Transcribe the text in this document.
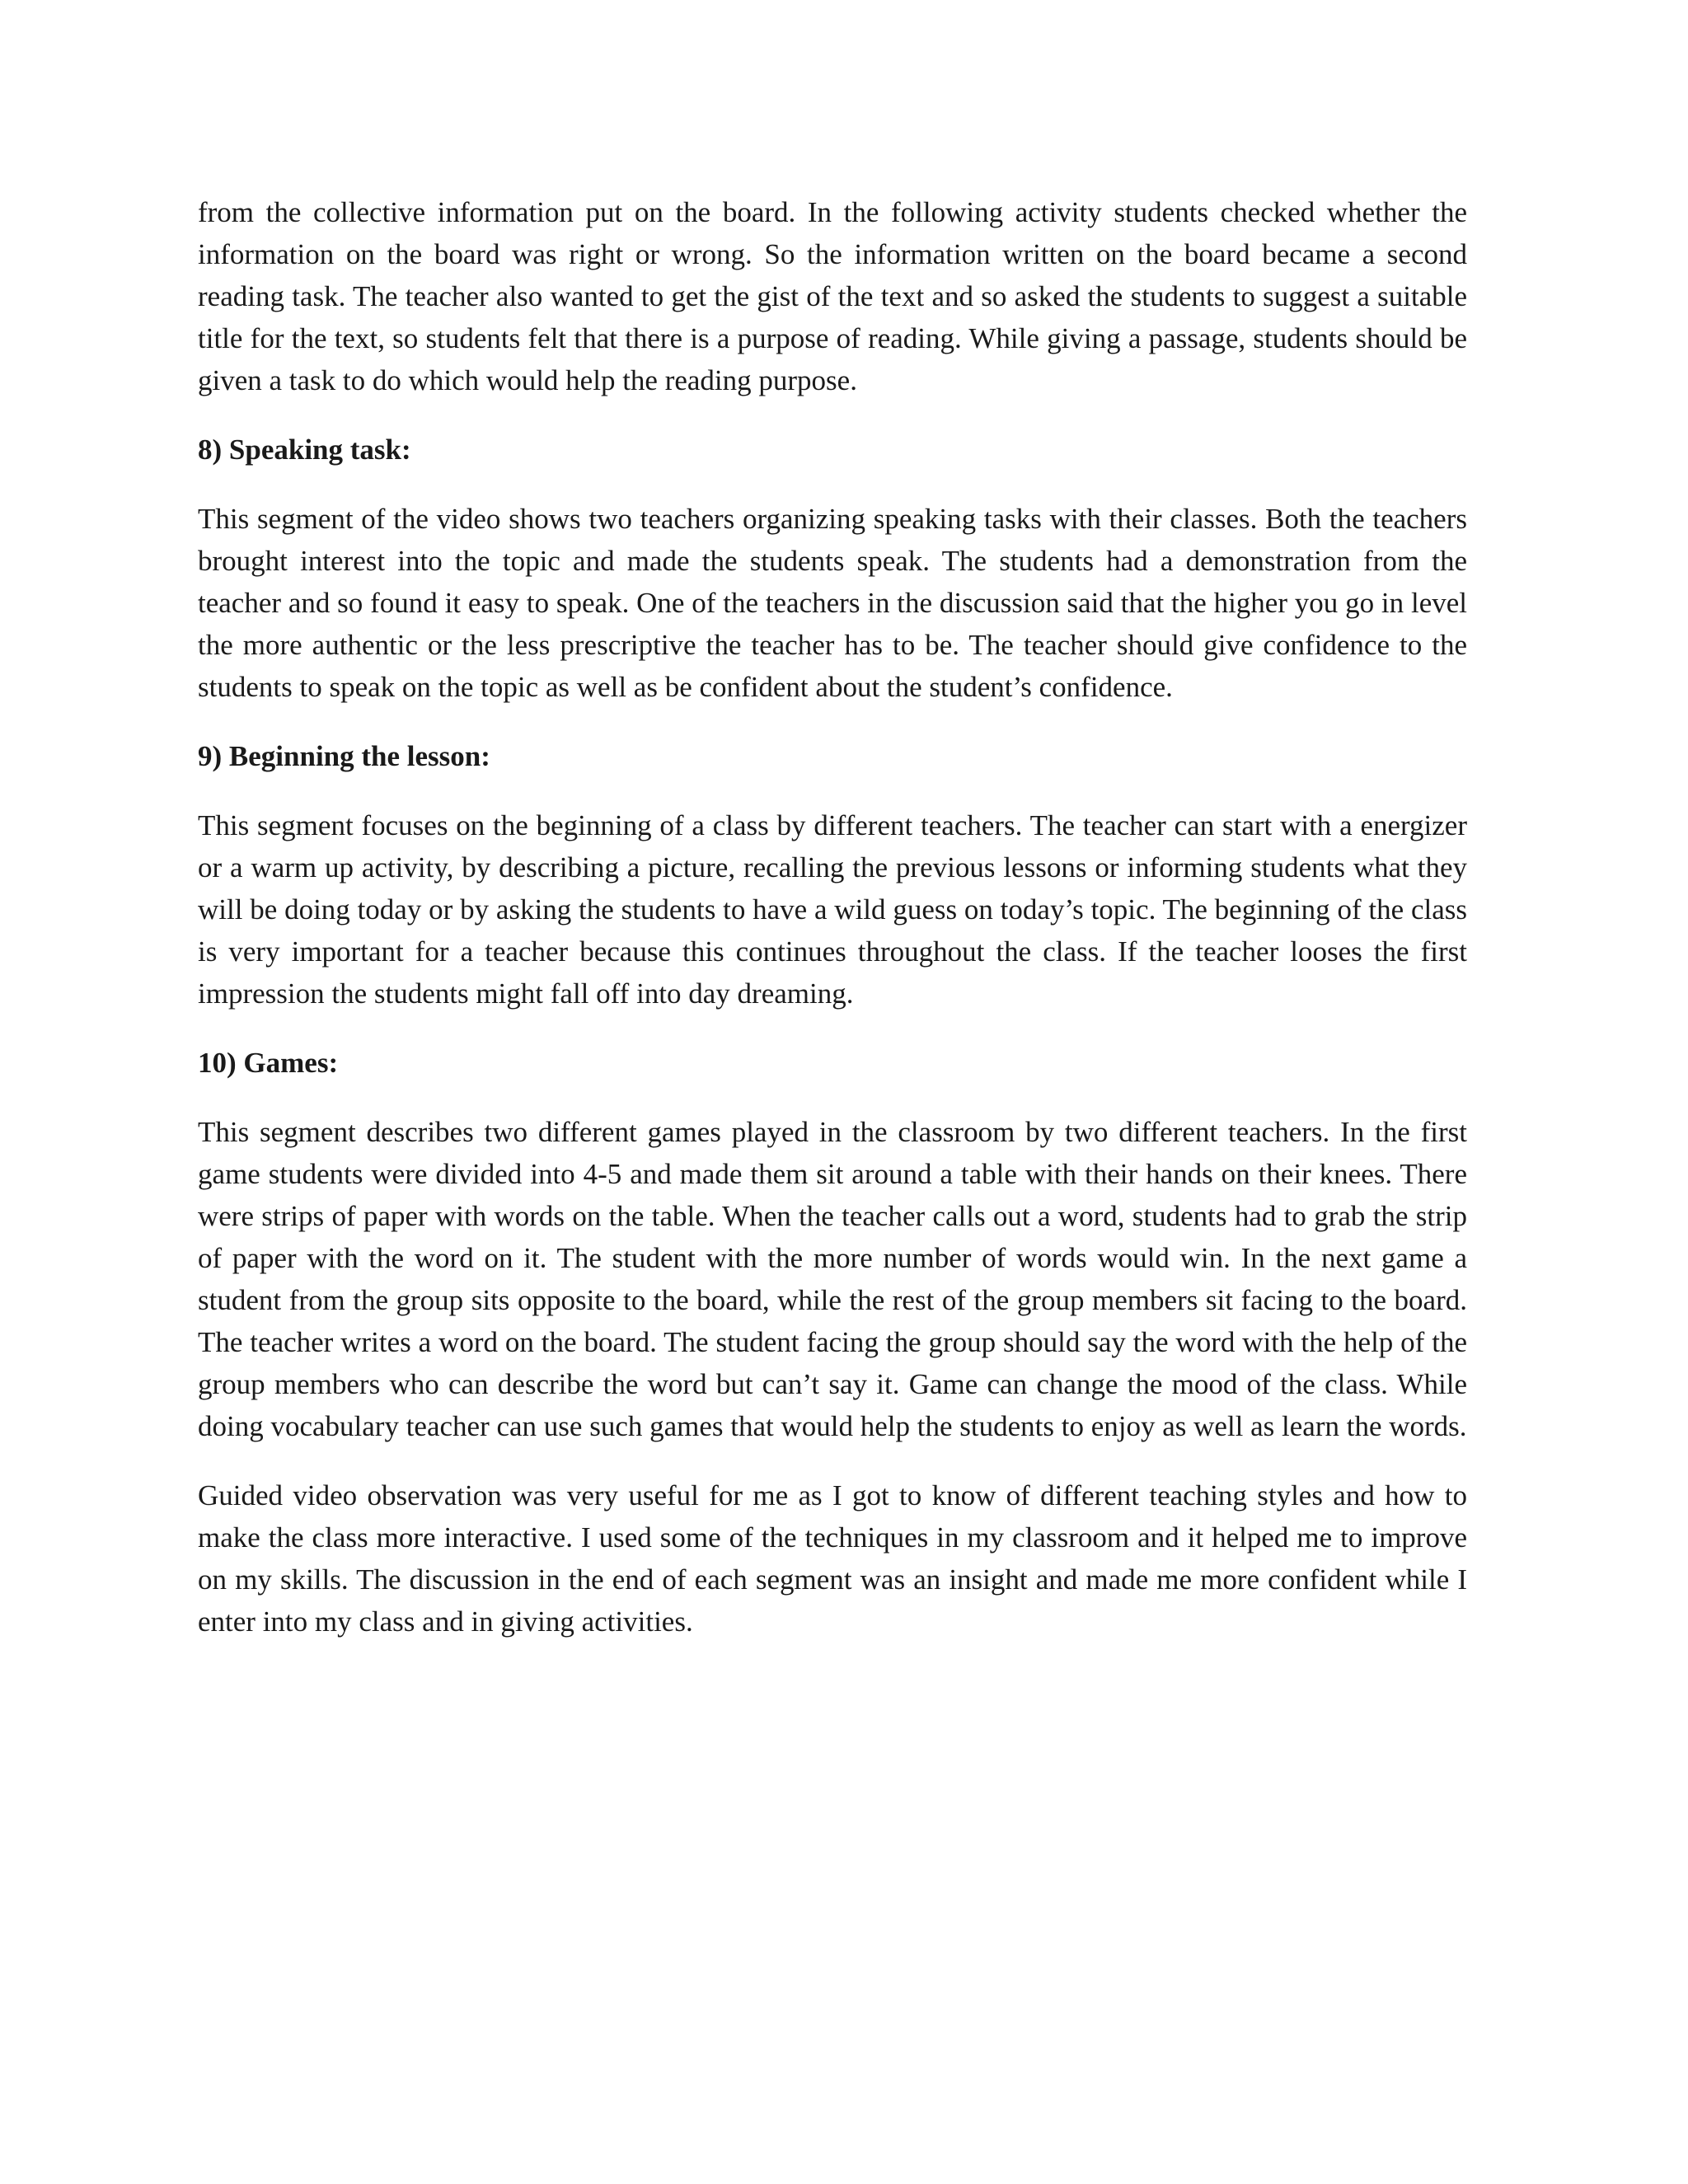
from the collective information put on the board. In the following activity students checked whether the information on the board was right or wrong. So the information written on the board became a second reading task. The teacher also wanted to get the gist of the text and so asked the students to suggest a suitable title for the text, so students felt that there is a purpose of reading. While giving a passage, students should be given a task to do which would help the reading purpose.

8) Speaking task:

This segment of the video shows two teachers organizing speaking tasks with their classes. Both the teachers brought interest into the topic and made the students speak. The students had a demonstration from the teacher and so found it easy to speak. One of the teachers in the discussion said that the higher you go in level the more authentic or the less prescriptive the teacher has to be. The teacher should give confidence to the students to speak on the topic as well as be confident about the student’s confidence.

9) Beginning the lesson:

This segment focuses on the beginning of a class by different teachers. The teacher can start with a energizer or a warm up activity, by describing a picture, recalling the previous lessons or informing students what they will be doing today or by asking the students to have a wild guess on today’s topic. The beginning of the class is very important for a teacher because this continues throughout the class. If the teacher looses the first impression the students might fall off into day dreaming.

10) Games:

This segment describes two different games played in the classroom by two different teachers. In the first game students were divided into 4-5 and made them sit around a table with their hands on their knees. There were strips of paper with words on the table. When the teacher calls out a word, students had to grab the strip of paper with the word on it. The student with the more number of words would win. In the next game a student from the group sits opposite to the board, while the rest of the group members sit facing to the board. The teacher writes a word on the board. The student facing the group should say the word with the help of the group members who can describe the word but can’t say it. Game can change the mood of the class. While doing vocabulary teacher can use such games that would help the students to enjoy as well as learn the words.

Guided video observation was very useful for me as I got to know of different teaching styles and how to make the class more interactive. I used some of the techniques in my classroom and it helped me to improve on my skills. The discussion in the end of each segment was an insight and made me more confident while I enter into my class and in giving activities.
